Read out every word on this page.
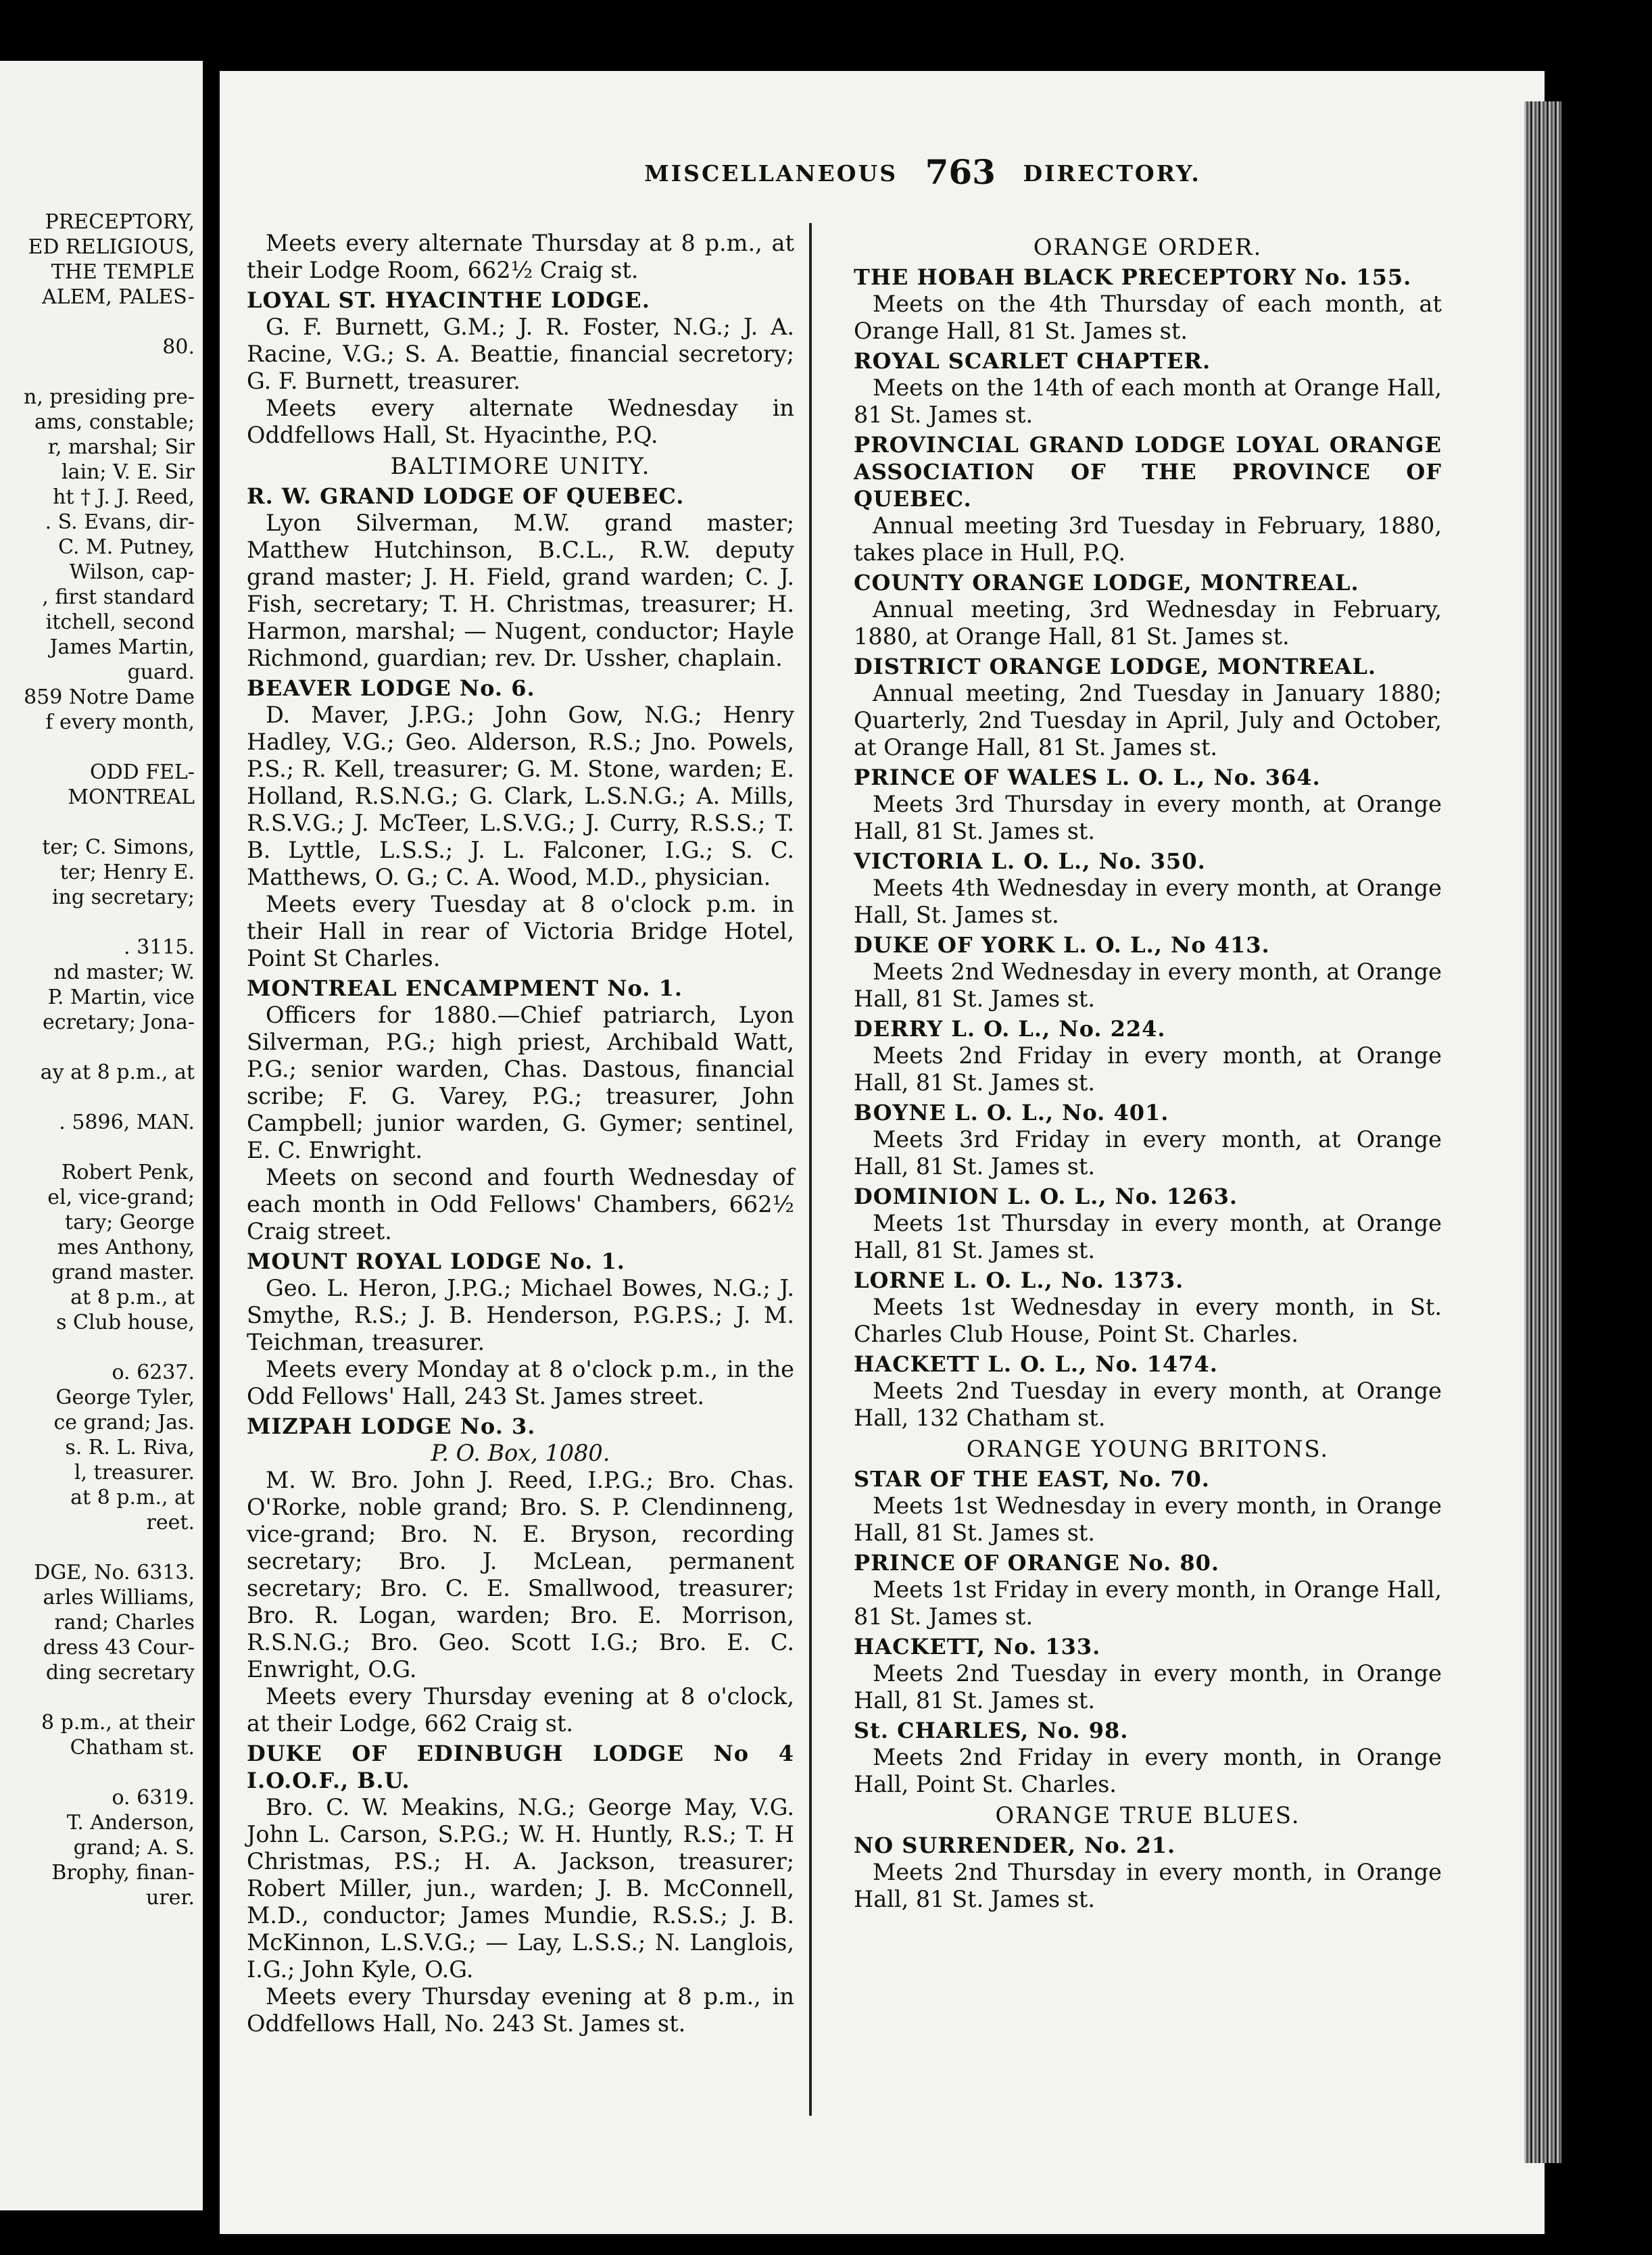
PRECEPTORY,
ED RELIGIOUS,
THE TEMPLE
ALEM, PALES-

80.

n, presiding pre-
ams, constable;
r, marshal; Sir
lain; V. E. Sir
ht † J. J. Reed,
. S. Evans, dir-
C. M. Putney,
Wilson, cap-
, first standard
itchell, second
James Martin,
guard.
859 Notre Dame
f every month,

ODD FEL-
MONTREAL

ter; C. Simons,
ter; Henry E.
ing secretary;

. 3115.
nd master; W.
P. Martin, vice
ecretary; Jona-

ay at 8 p.m., at

. 5896, MAN.

Robert Penk,
el, vice-grand;
tary; George
mes Anthony,
grand master.
at 8 p.m., at
s Club house,

o. 6237.
George Tyler,
ce grand; Jas.
s. R. L. Riva,
l, treasurer.
at 8 p.m., at
reet.

DGE, No. 6313.
arles Williams,
rand; Charles
dress 43 Cour-
ding secretary

8 p.m., at their
Chatham st.

o. 6319.
T. Anderson,
grand; A. S.
Brophy, finan-
urer.
MISCELLANEOUS 763 DIRECTORY.

Meets every alternate Thursday at 8 p.m., at their Lodge Room, 662½ Craig st.

LOYAL ST. HYACINTHE LODGE.

G. F. Burnett, G.M.; J. R. Foster, N.G.; J. A. Racine, V.G.; S. A. Beattie, financial secretory; G. F. Burnett, treasurer.

Meets every alternate Wednesday in Oddfellows Hall, St. Hyacinthe, P.Q.

BALTIMORE UNITY.
R. W. GRAND LODGE OF QUEBEC.

Lyon Silverman, M.W. grand master; Matthew Hutchinson, B.C.L., R.W. deputy grand master; J. H. Field, grand warden; C. J. Fish, secretary; T. H. Christmas, treasurer; H. Harmon, marshal; — Nugent, conductor; Hayle Richmond, guardian; rev. Dr. Ussher, chaplain.

BEAVER LODGE No. 6.

D. Maver, J.P.G.; John Gow, N.G.; Henry Hadley, V.G.; Geo. Alderson, R.S.; Jno. Powels, P.S.; R. Kell, treasurer; G. M. Stone, warden; E. Holland, R.S.N.G.; G. Clark, L.S.N.G.; A. Mills, R.S.V.G.; J. McTeer, L.S.V.G.; J. Curry, R.S.S.; T. B. Lyttle, L.S.S.; J. L. Falconer, I.G.; S. C. Matthews, O. G.; C. A. Wood, M.D., physician.

Meets every Tuesday at 8 o'clock p.m. in their Hall in rear of Victoria Bridge Hotel, Point St Charles.

MONTREAL ENCAMPMENT No. 1.

Officers for 1880.—Chief patriarch, Lyon Silverman, P.G.; high priest, Archibald Watt, P.G.; senior warden, Chas. Dastous, financial scribe; F. G. Varey, P.G.; treasurer, John Campbell; junior warden, G. Gymer; sentinel, E. C. Enwright.

Meets on second and fourth Wednesday of each month in Odd Fellows' Chambers, 662½ Craig street.

MOUNT ROYAL LODGE No. 1.

Geo. L. Heron, J.P.G.; Michael Bowes, N.G.; J. Smythe, R.S.; J. B. Henderson, P.G.P.S.; J. M. Teichman, treasurer.

Meets every Monday at 8 o'clock p.m., in the Odd Fellows' Hall, 243 St. James street.

MIZPAH LODGE No. 3.
P. O. Box, 1080.

M. W. Bro. John J. Reed, I.P.G.; Bro. Chas. O'Rorke, noble grand; Bro. S. P. Clendinneng, vice-grand; Bro. N. E. Bryson, recording secretary; Bro. J. McLean, permanent secretary; Bro. C. E. Smallwood, treasurer; Bro. R. Logan, warden; Bro. E. Morrison, R.S.N.G.; Bro. Geo. Scott I.G.; Bro. E. C. Enwright, O.G.

Meets every Thursday evening at 8 o'clock, at their Lodge, 662 Craig st.

DUKE OF EDINBUGH LODGE No 4 I.O.O.F., B.U.

Bro. C. W. Meakins, N.G.; George May, V.G. John L. Carson, S.P.G.; W. H. Huntly, R.S.; T. H Christmas, P.S.; H. A. Jackson, treasurer; Robert Miller, jun., warden; J. B. McConnell, M.D., conductor; James Mundie, R.S.S.; J. B. McKinnon, L.S.V.G.; — Lay, L.S.S.; N. Langlois, I.G.; John Kyle, O.G.

Meets every Thursday evening at 8 p.m., in Oddfellows Hall, No. 243 St. James st.

ORANGE ORDER.
THE HOBAH BLACK PRECEPTORY No. 155.

Meets on the 4th Thursday of each month, at Orange Hall, 81 St. James st.

ROYAL SCARLET CHAPTER.

Meets on the 14th of each month at Orange Hall, 81 St. James st.

PROVINCIAL GRAND LODGE LOYAL ORANGE ASSOCIATION OF THE PROVINCE OF QUEBEC.

Annual meeting 3rd Tuesday in February, 1880, takes place in Hull, P.Q.

COUNTY ORANGE LODGE, MONTREAL.

Annual meeting, 3rd Wednesday in February, 1880, at Orange Hall, 81 St. James st.

DISTRICT ORANGE LODGE, MONTREAL.

Annual meeting, 2nd Tuesday in January 1880; Quarterly, 2nd Tuesday in April, July and October, at Orange Hall, 81 St. James st.

PRINCE OF WALES L. O. L., No. 364.

Meets 3rd Thursday in every month, at Orange Hall, 81 St. James st.

VICTORIA L. O. L., No. 350.

Meets 4th Wednesday in every month, at Orange Hall, St. James st.

DUKE OF YORK L. O. L., No 413.

Meets 2nd Wednesday in every month, at Orange Hall, 81 St. James st.

DERRY L. O. L., No. 224.

Meets 2nd Friday in every month, at Orange Hall, 81 St. James st.

BOYNE L. O. L., No. 401.

Meets 3rd Friday in every month, at Orange Hall, 81 St. James st.

DOMINION L. O. L., No. 1263.

Meets 1st Thursday in every month, at Orange Hall, 81 St. James st.

LORNE L. O. L., No. 1373.

Meets 1st Wednesday in every month, in St. Charles Club House, Point St. Charles.

HACKETT L. O. L., No. 1474.

Meets 2nd Tuesday in every month, at Orange Hall, 132 Chatham st.

ORANGE YOUNG BRITONS.
STAR OF THE EAST, No. 70.

Meets 1st Wednesday in every month, in Orange Hall, 81 St. James st.

PRINCE OF ORANGE No. 80.

Meets 1st Friday in every month, in Orange Hall, 81 St. James st.

HACKETT, No. 133.

Meets 2nd Tuesday in every month, in Orange Hall, 81 St. James st.

St. CHARLES, No. 98.

Meets 2nd Friday in every month, in Orange Hall, Point St. Charles.

ORANGE TRUE BLUES.
NO SURRENDER, No. 21.

Meets 2nd Thursday in every month, in Orange Hall, 81 St. James st.
